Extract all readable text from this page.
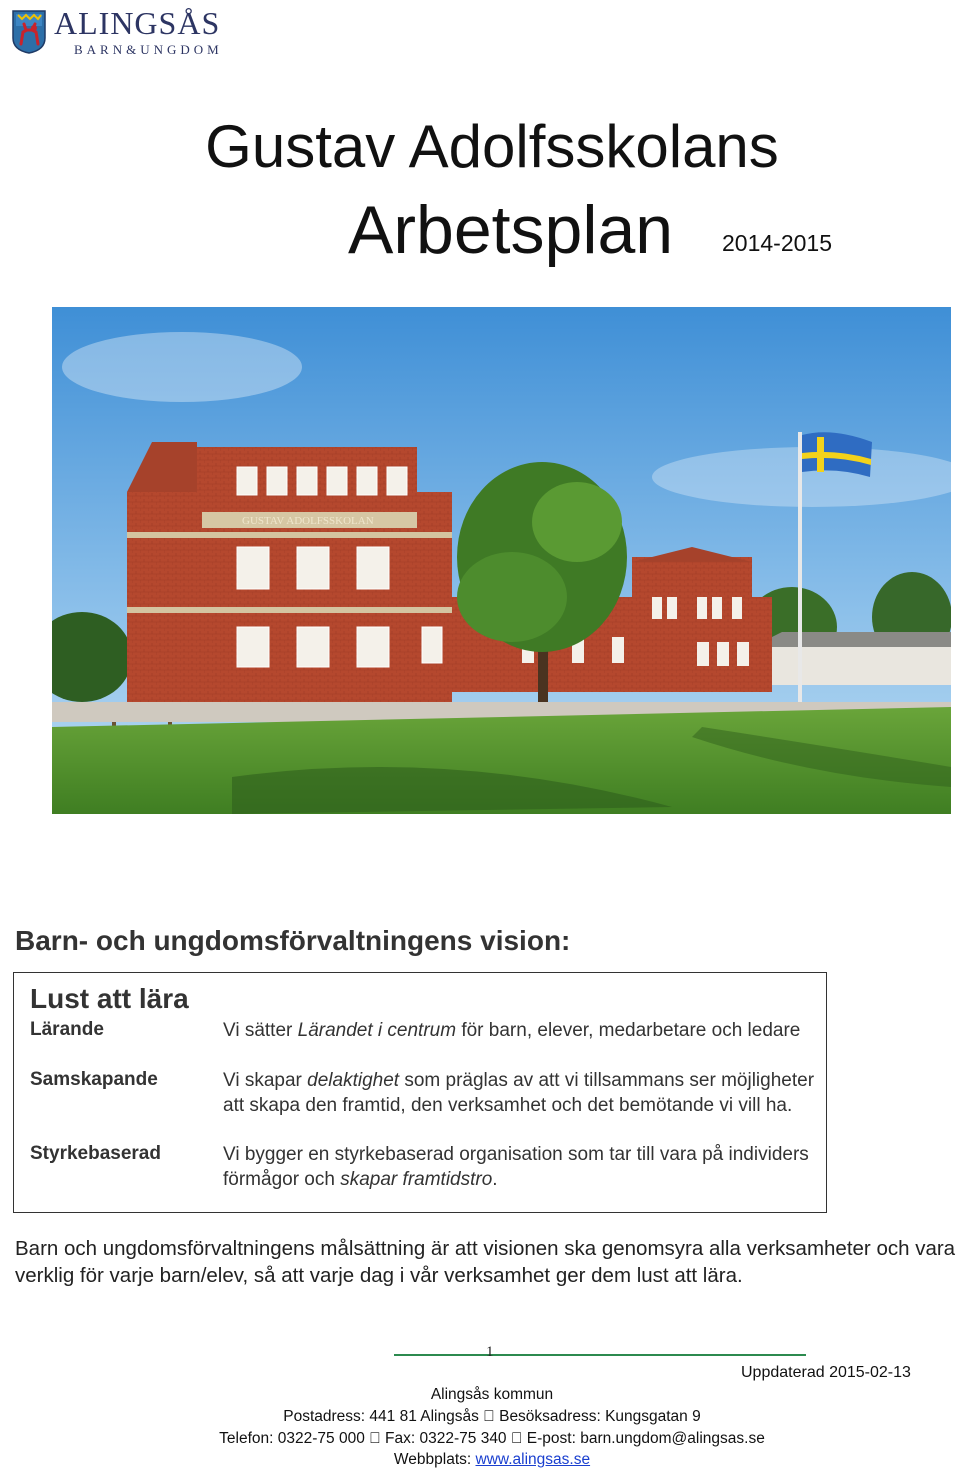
ALINGSÅS
BARN&UNGDOM
Gustav Adolfsskolans
Arbetsplan 2014-2015
GUSTAV ADOLFSSKOLAN
Barn- och ungdomsförvaltningens vision:
Lust att lära
Lärande	Vi sätter Lärandet i centrum för barn, elever, medarbetare och ledare
Samskapande	Vi skapar delaktighet som präglas av att vi tillsammans ser möjligheter att skapa den framtid, den verksamhet och det bemötande vi vill ha.
Styrkebaserad	Vi bygger en styrkebaserad organisation som tar till vara på individers förmågor och skapar framtidstro.
Barn och ungdomsförvaltningens målsättning är att visionen ska genomsyra alla verksamheter och vara verklig för varje barn/elev, så att varje dag i vår verksamhet ger dem lust att lära.
1
Uppdaterad 2015-02-13
Alingsås kommun
Postadress: 441 81 Alingsås Besöksadress: Kungsgatan 9
Telefon: 0322-75 000 Fax: 0322-75 340 E-post: barn.ungdom@alingsas.se
Webbplats: www.alingsas.se
